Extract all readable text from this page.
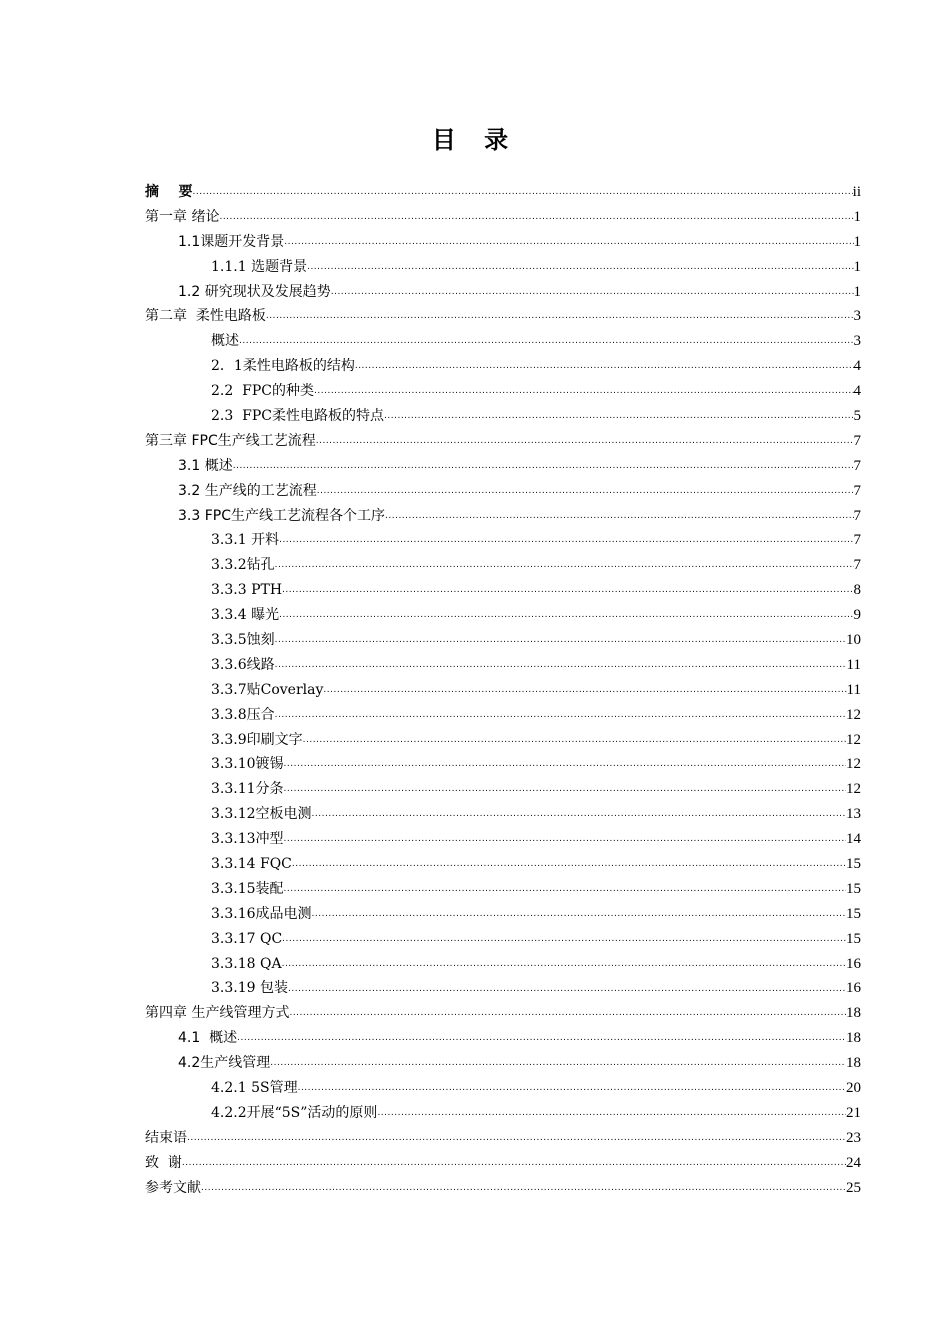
目 录
摘    要 .....	ii
第一章 绪论 .....	1
1.1课题开发背景 .....	1
1.1.1 选题背景 .....	1
1.2 研究现状及发展趋势 .....	1
第二章  柔性电路板 .....	3
概述 .....	3
2．1柔性电路板的结构 .....	4
2.2  FPC的种类 .....	4
2.3  FPC柔性电路板的特点 .....	5
第三章 FPC生产线工艺流程 .....	7
3.1 概述 .....	7
3.2 生产线的工艺流程 .....	7
3.3 FPC生产线工艺流程各个工序 .....	7
3.3.1 开料 .....	7
3.3.2钻孔 .....	7
3.3.3 PTH .....	8
3.3.4 曝光 .....	9
3.3.5蚀刻 .....	10
3.3.6线路 .....	11
3.3.7贴Coverlay .....	11
3.3.8压合 .....	12
3.3.9印刷文字 .....	12
3.3.10镀锡 .....	12
3.3.11分条 .....	12
3.3.12空板电测 .....	13
3.3.13冲型 .....	14
3.3.14 FQC .....	15
3.3.15装配 .....	15
3.3.16成品电测 .....	15
3.3.17 QC .....	15
3.3.18 QA .....	16
3.3.19 包装 .....	16
第四章 生产线管理方式 .....	18
4.1  概述 .....	18
4.2生产线管理 .....	18
4.2.1 5S管理 .....	20
4.2.2开展“5S”活动的原则 .....	21
结束语 .....	23
致  谢 .....	24
参考文献 .....	25
